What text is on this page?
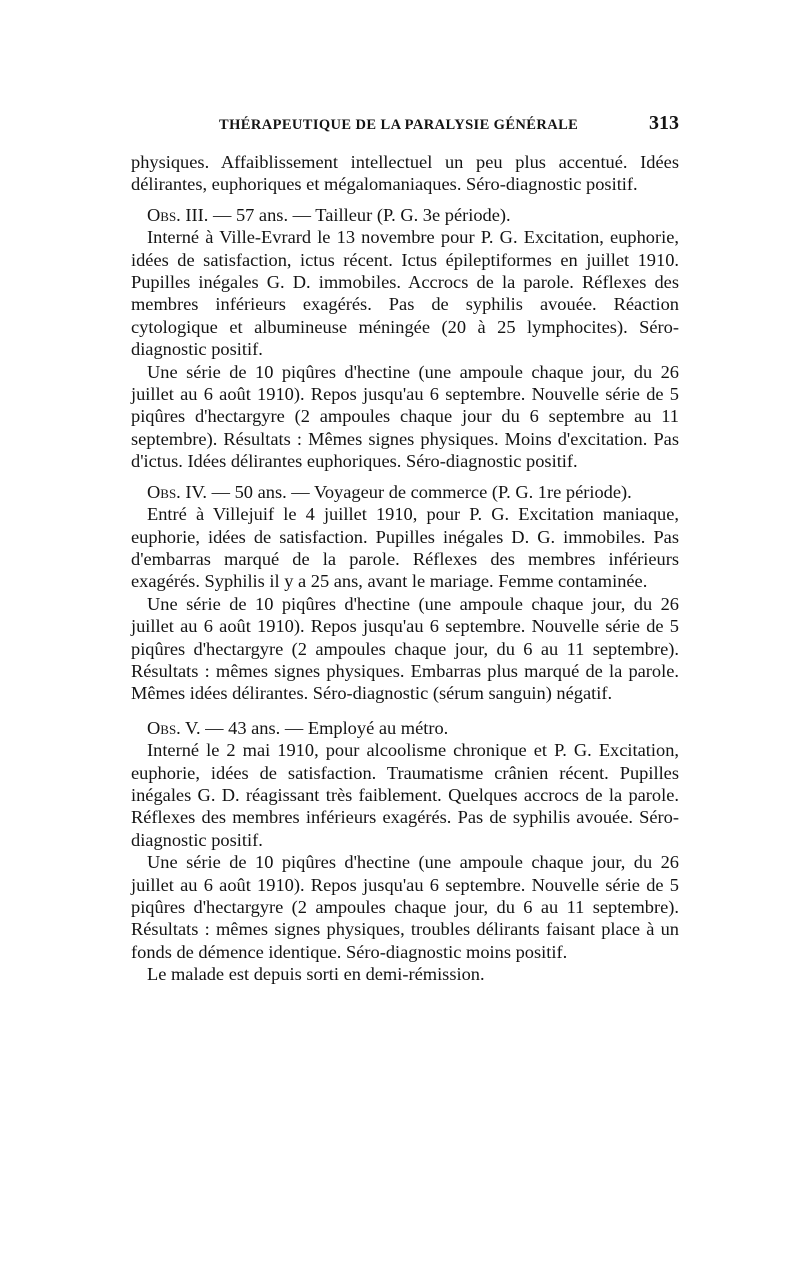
THÉRAPEUTIQUE DE LA PARALYSIE GÉNÉRALE	313

physiques. Affaiblissement intellectuel un peu plus accentué. Idées délirantes, euphoriques et mégalomaniaques. Séro-diagnostic positif.

Obs. III. — 57 ans. — Tailleur (P. G. 3e période).

Interné à Ville-Evrard le 13 novembre pour P. G. Excitation, euphorie, idées de satisfaction, ictus récent. Ictus épileptiformes en juillet 1910. Pupilles inégales G. D. immobiles. Accrocs de la parole. Réflexes des membres inférieurs exagérés. Pas de syphilis avouée. Réaction cytologique et albumineuse méningée (20 à 25 lymphocites). Séro-diagnostic positif.

Une série de 10 piqûres d'hectine (une ampoule chaque jour, du 26 juillet au 6 août 1910). Repos jusqu'au 6 septembre. Nouvelle série de 5 piqûres d'hectargyre (2 ampoules chaque jour du 6 septembre au 11 septembre). Résultats : Mêmes signes physiques. Moins d'excitation. Pas d'ictus. Idées délirantes euphoriques. Séro-diagnostic positif.

Obs. IV. — 50 ans. — Voyageur de commerce (P. G. 1re période).

Entré à Villejuif le 4 juillet 1910, pour P. G. Excitation maniaque, euphorie, idées de satisfaction. Pupilles inégales D. G. immobiles. Pas d'embarras marqué de la parole. Réflexes des membres inférieurs exagérés. Syphilis il y a 25 ans, avant le mariage. Femme contaminée.

Une série de 10 piqûres d'hectine (une ampoule chaque jour, du 26 juillet au 6 août 1910). Repos jusqu'au 6 septembre. Nouvelle série de 5 piqûres d'hectargyre (2 ampoules chaque jour, du 6 au 11 septembre). Résultats : mêmes signes physiques. Embarras plus marqué de la parole. Mêmes idées délirantes. Séro-diagnostic (sérum sanguin) négatif.

Obs. V. — 43 ans. — Employé au métro.

Interné le 2 mai 1910, pour alcoolisme chronique et P. G. Excitation, euphorie, idées de satisfaction. Traumatisme crânien récent. Pupilles inégales G. D. réagissant très faiblement. Quelques accrocs de la parole. Réflexes des membres inférieurs exagérés. Pas de syphilis avouée. Séro-diagnostic positif.

Une série de 10 piqûres d'hectine (une ampoule chaque jour, du 26 juillet au 6 août 1910). Repos jusqu'au 6 septembre. Nouvelle série de 5 piqûres d'hectargyre (2 ampoules chaque jour, du 6 au 11 septembre). Résultats : mêmes signes physiques, troubles délirants faisant place à un fonds de démence identique. Séro-diagnostic moins positif.

Le malade est depuis sorti en demi-rémission.
